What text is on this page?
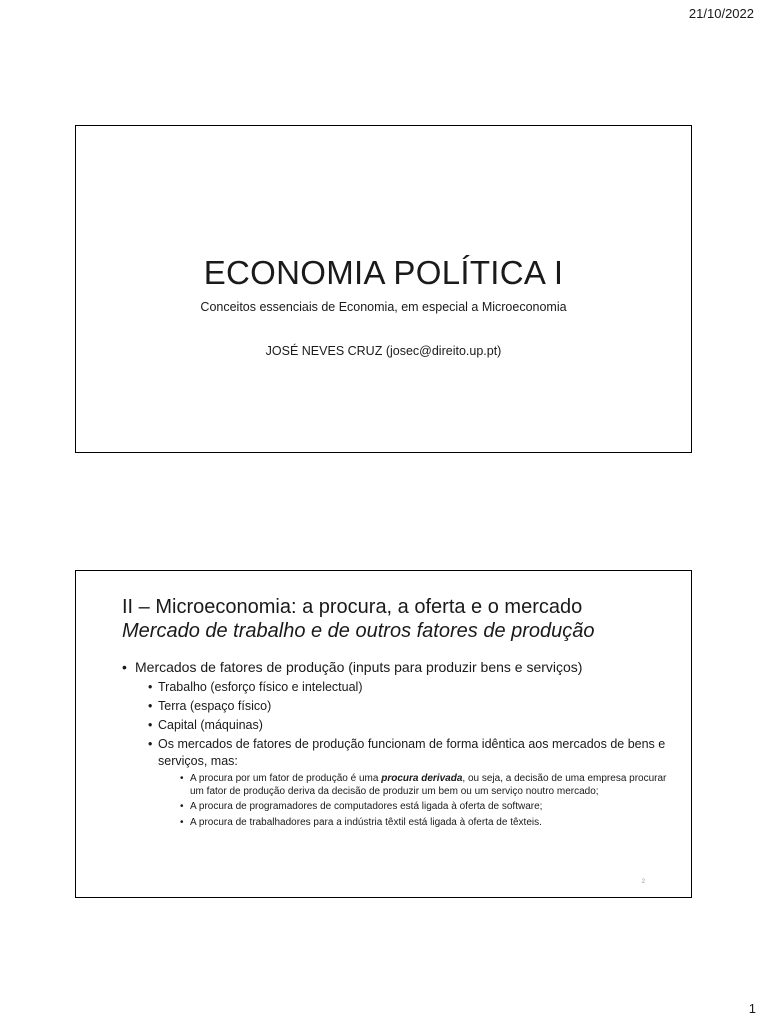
21/10/2022
ECONOMIA POLÍTICA I
Conceitos essenciais de Economia, em especial a Microeconomia
JOSÉ NEVES CRUZ (josec@direito.up.pt)
II – Microeconomia: a procura, a oferta e o mercado
Mercado de trabalho e de outros fatores de produção
• Mercados de fatores de produção (inputs para produzir bens e serviços)
• Trabalho (esforço físico e intelectual)
• Terra (espaço físico)
• Capital (máquinas)
• Os mercados de fatores de produção funcionam de forma idêntica aos mercados de bens e serviços, mas:
• A procura por um fator de produção é uma procura derivada, ou seja, a decisão de uma empresa procurar um fator de produção deriva da decisão de produzir um bem ou um serviço noutro mercado;
• A procura de programadores de computadores está ligada à oferta de software;
• A procura de trabalhadores para a indústria têxtil está ligada à oferta de têxteis.
2
1
